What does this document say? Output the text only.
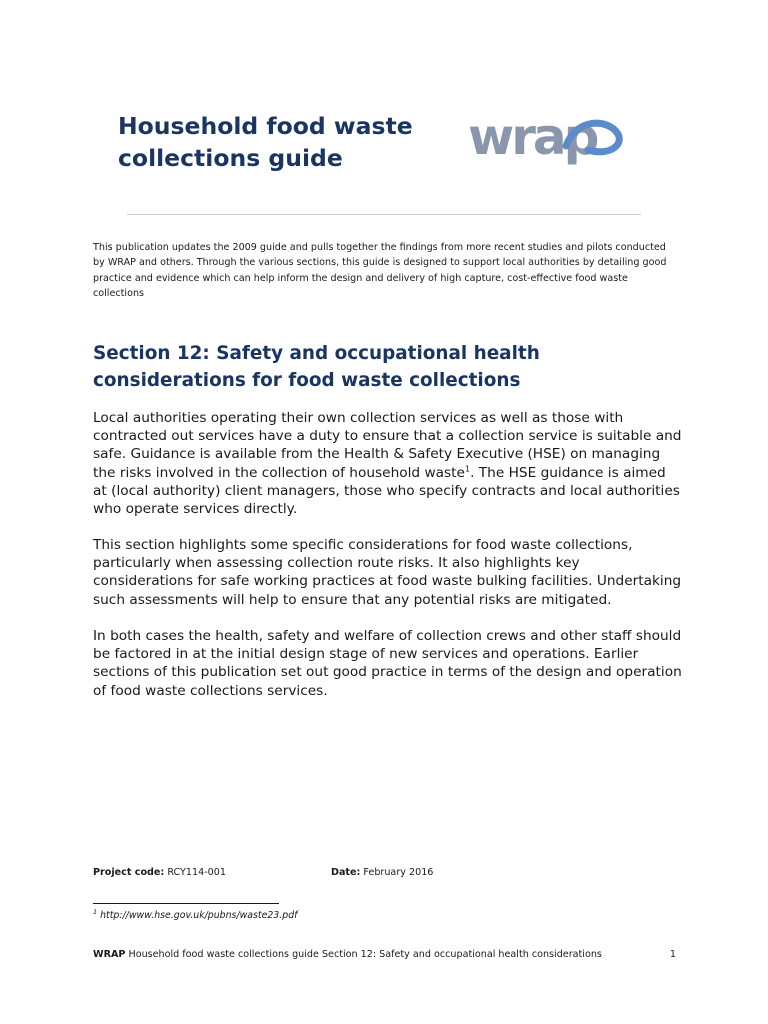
Household food waste
collections guide	wrap

This publication updates the 2009 guide and pulls together the findings from more recent studies and pilots conducted by WRAP and others. Through the various sections, this guide is designed to support local authorities by detailing good practice and evidence which can help inform the design and delivery of high capture, cost-effective food waste collections

Section 12: Safety and occupational health
considerations for food waste collections

Local authorities operating their own collection services as well as those with contracted out services have a duty to ensure that a collection service is suitable and safe. Guidance is available from the Health & Safety Executive (HSE) on managing the risks involved in the collection of household waste$^1$. The HSE guidance is aimed at (local authority) client managers, those who specify contracts and local authorities who operate services directly.

This section highlights some specific considerations for food waste collections, particularly when assessing collection route risks. It also highlights key considerations for safe working practices at food waste bulking facilities. Undertaking such assessments will help to ensure that any potential risks are mitigated.

In both cases the health, safety and welfare of collection crews and other staff should be factored in at the initial design stage of new services and operations. Earlier sections of this publication set out good practice in terms of the design and operation of food waste collections services.

Project code: RCY114-001	Date: February 2016

$^1$ http://www.hse.gov.uk/pubns/waste23.pdf

WRAP Household food waste collections guide Section 12: Safety and occupational health considerations	1
